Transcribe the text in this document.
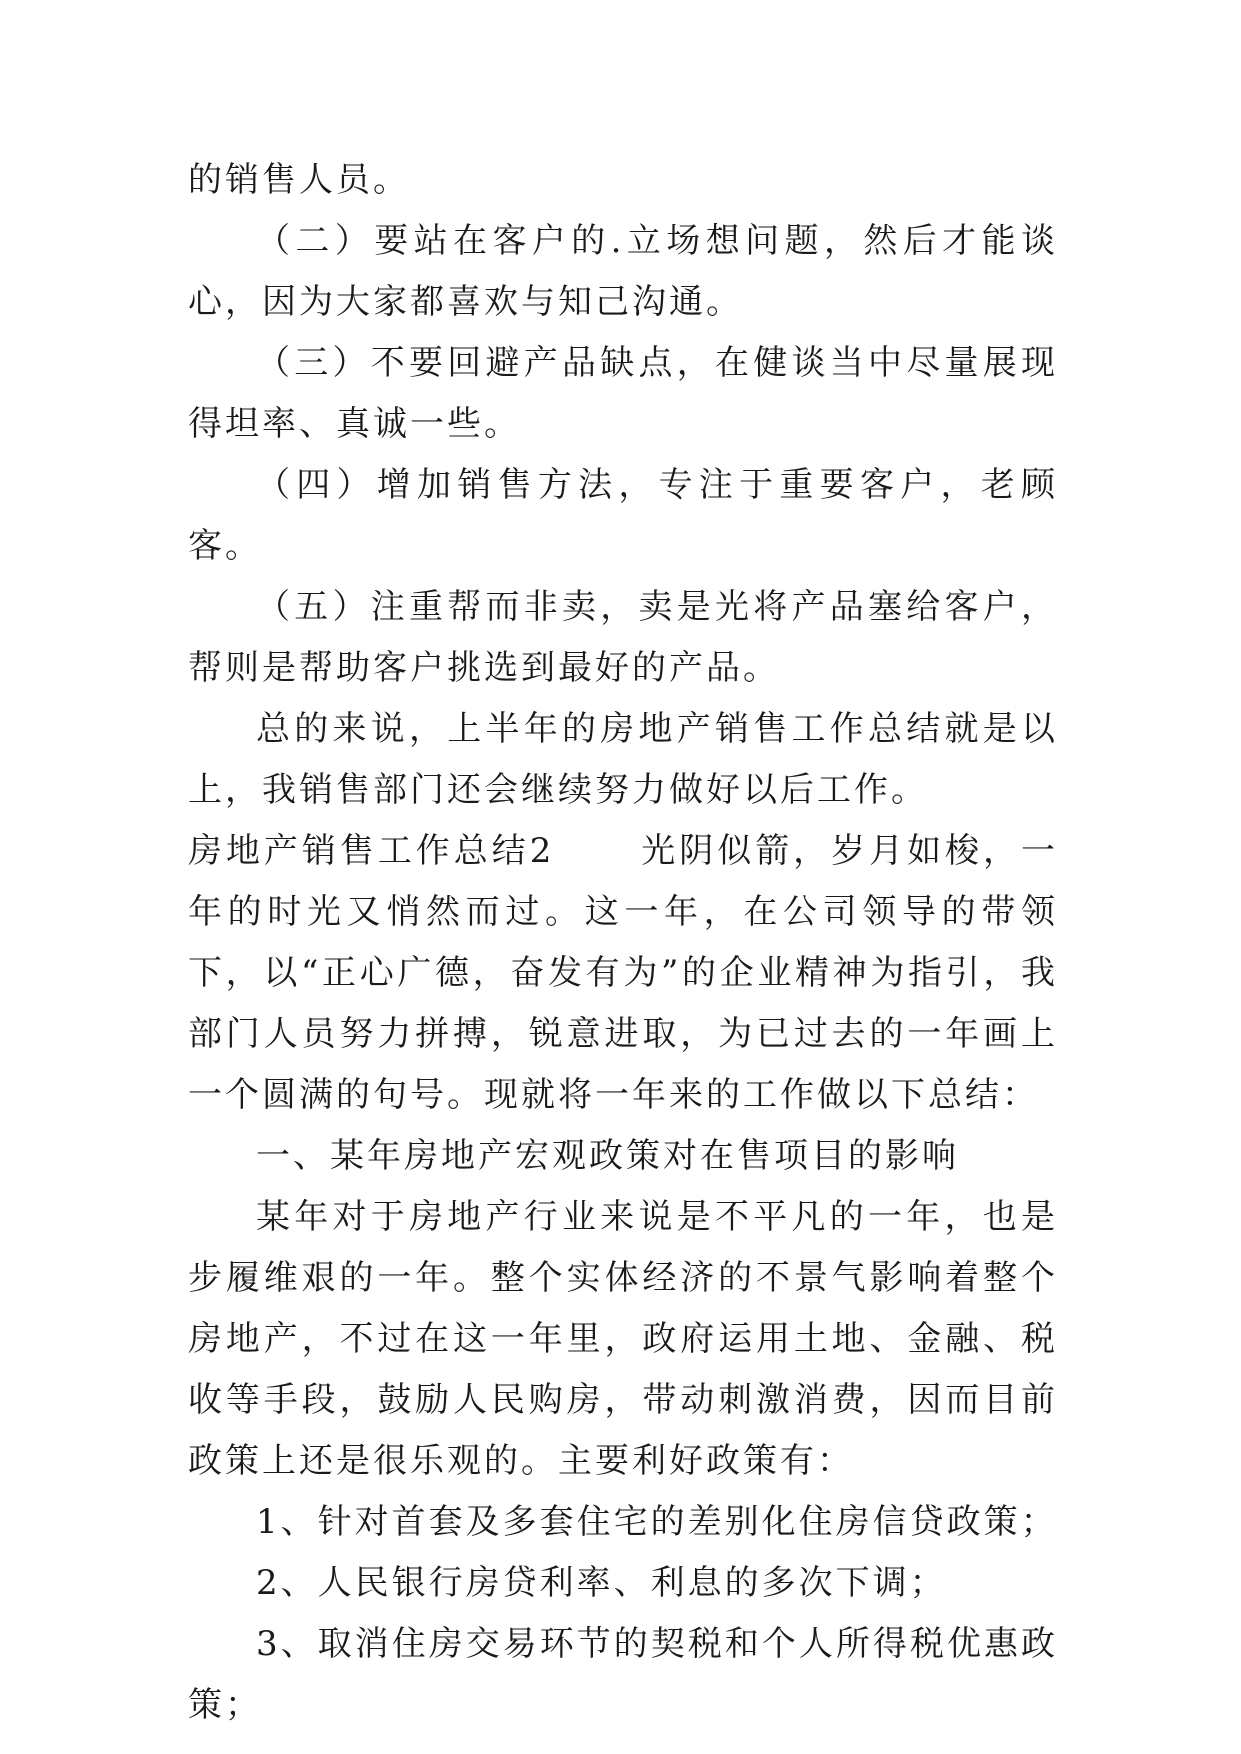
的销售人员。

（二）要站在客户的.立场想问题，然后才能谈心，因为大家都喜欢与知己沟通。

（三）不要回避产品缺点，在健谈当中尽量展现得坦率、真诚一些。

（四）增加销售方法，专注于重要客户，老顾客。

（五）注重帮而非卖，卖是光将产品塞给客户，帮则是帮助客户挑选到最好的产品。

总的来说，上半年的房地产销售工作总结就是以上，我销售部门还会继续努力做好以后工作。

房地产销售工作总结2	光阴似箭，岁月如梭，一年的时光又悄然而过。这一年，在公司领导的带领下，以“正心广德，奋发有为”的企业精神为指引，我部门人员努力拼搏，锐意进取，为已过去的一年画上一个圆满的句号。现就将一年来的工作做以下总结：

一、某年房地产宏观政策对在售项目的影响

某年对于房地产行业来说是不平凡的一年，也是步履维艰的一年。整个实体经济的不景气影响着整个房地产，不过在这一年里，政府运用土地、金融、税收等手段，鼓励人民购房，带动刺激消费，因而目前政策上还是很乐观的。主要利好政策有：

1、针对首套及多套住宅的差别化住房信贷政策；

2、人民银行房贷利率、利息的多次下调；

3、取消住房交易环节的契税和个人所得税优惠政策；
